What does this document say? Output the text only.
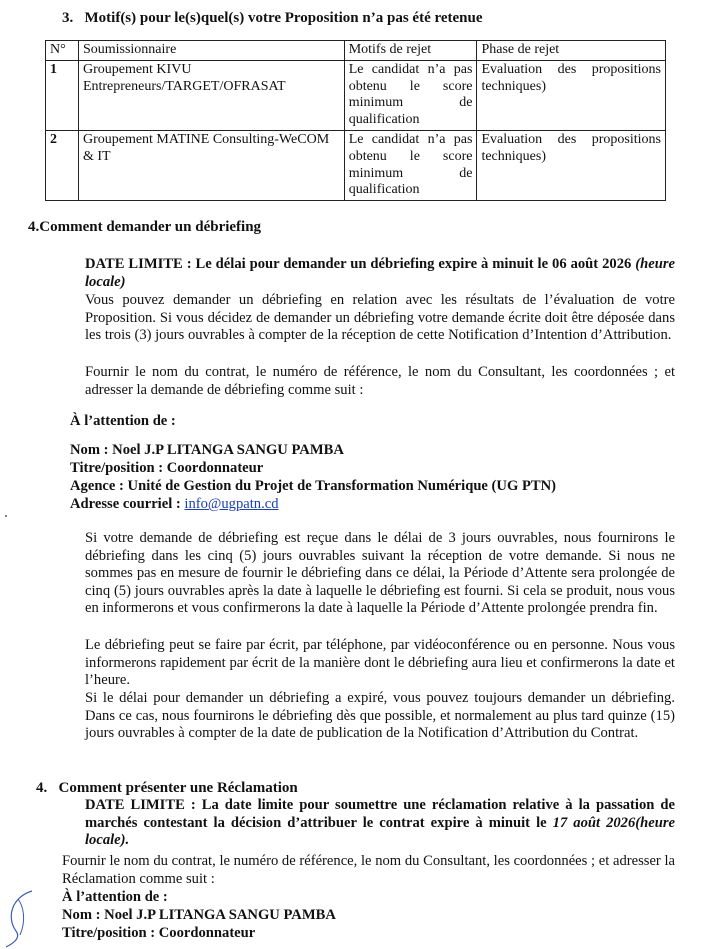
3. Motif(s) pour le(s)quel(s) votre Proposition n’a pas été retenue
N°	Soumissionnaire	Motifs de rejet	Phase de rejet
1	Groupement KIVU Entrepreneurs/TARGET/OFRASAT	Le candidat n’a pas obtenu le score minimum de qualification	Evaluation des propositions techniques)
2	Groupement MATINE Consulting-WeCOM & IT	Le candidat n’a pas obtenu le score minimum de qualification	Evaluation des propositions techniques)
4.Comment demander un débriefing
DATE LIMITE : Le délai pour demander un débriefing expire à minuit le 06 août 2026 (heure locale)
Vous pouvez demander un débriefing en relation avec les résultats de l’évaluation de votre Proposition. Si vous décidez de demander un débriefing votre demande écrite doit être déposée dans les trois (3) jours ouvrables à compter de la réception de cette Notification d’Intention d’Attribution.
Fournir le nom du contrat, le numéro de référence, le nom du Consultant, les coordonnées ; et adresser la demande de débriefing comme suit :
À l’attention de :
Nom : Noel J.P LITANGA SANGU PAMBA
Titre/position : Coordonnateur
Agence : Unité de Gestion du Projet de Transformation Numérique (UG PTN)
Adresse courriel : info@ugpatn.cd
Si votre demande de débriefing est reçue dans le délai de 3 jours ouvrables, nous fournirons le débriefing dans les cinq (5) jours ouvrables suivant la réception de votre demande. Si nous ne sommes pas en mesure de fournir le débriefing dans ce délai, la Période d’Attente sera prolongée de cinq (5) jours ouvrables après la date à laquelle le débriefing est fourni. Si cela se produit, nous vous en informerons et vous confirmerons la date à laquelle la Période d’Attente prolongée prendra fin.
Le débriefing peut se faire par écrit, par téléphone, par vidéoconférence ou en personne. Nous vous informerons rapidement par écrit de la manière dont le débriefing aura lieu et confirmerons la date et l’heure.
Si le délai pour demander un débriefing a expiré, vous pouvez toujours demander un débriefing. Dans ce cas, nous fournirons le débriefing dès que possible, et normalement au plus tard quinze (15) jours ouvrables à compter de la date de publication de la Notification d’Attribution du Contrat.
4. Comment présenter une Réclamation
DATE LIMITE : La date limite pour soumettre une réclamation relative à la passation de marchés contestant la décision d’attribuer le contrat expire à minuit le 17 août 2026(heure locale).
Fournir le nom du contrat, le numéro de référence, le nom du Consultant, les coordonnées ; et adresser la Réclamation comme suit :
À l’attention de :
Nom : Noel J.P LITANGA SANGU PAMBA
Titre/position : Coordonnateur
